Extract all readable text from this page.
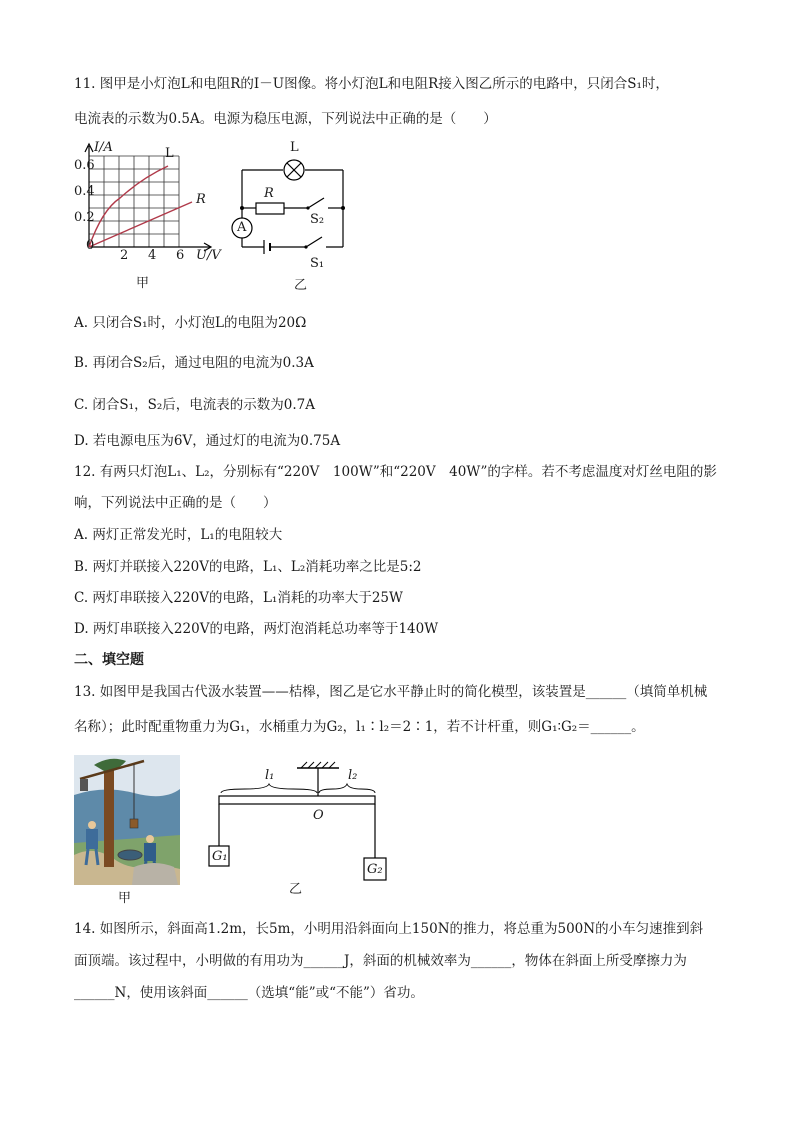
11. 图甲是小灯泡L和电阻R的I－U图像。将小灯泡L和电阻R接入图乙所示的电路中，只闭合S₁时，
电流表的示数为0.5A。电源为稳压电源，下列说法中正确的是（　　）
I/A
0.6
0.4
0.2
0
2 4 6 U/V
L
R
甲
L
R
A
S₂
S₁
乙
A. 只闭合S₁时，小灯泡L的电阻为20Ω
B. 再闭合S₂后，通过电阻的电流为0.3A
C. 闭合S₁，S₂后，电流表的示数为0.7A
D. 若电源电压为6V，通过灯的电流为0.75A
12. 有两只灯泡L₁、L₂，分别标有“220V　100W”和“220V　40W”的字样。若不考虑温度对灯丝电阻的影
响，下列说法中正确的是（　　）
A. 两灯正常发光时，L₁的电阻较大
B. 两灯并联接入220V的电路，L₁、L₂消耗功率之比是5:2
C. 两灯串联接入220V的电路，L₁消耗的功率大于25W
D. 两灯串联接入220V的电路，两灯泡消耗总功率等于140W
二、填空题
13. 如图甲是我国古代汲水装置——桔槔，图乙是它水平静止时的简化模型，该装置是______（填简单机械
名称）；此时配重物重力为G₁，水桶重力为G₂，l₁∶l₂＝2∶1，若不计杆重，则G₁∶G₂＝______。
甲
l₁	l₂
O
G₁
G₂
乙
14. 如图所示，斜面高1.2m，长5m，小明用沿斜面向上150N的推力，将总重为500N的小车匀速推到斜
面顶端。该过程中，小明做的有用功为______J，斜面的机械效率为______，物体在斜面上所受摩擦力为
______N，使用该斜面______（选填“能”或“不能”）省功。
